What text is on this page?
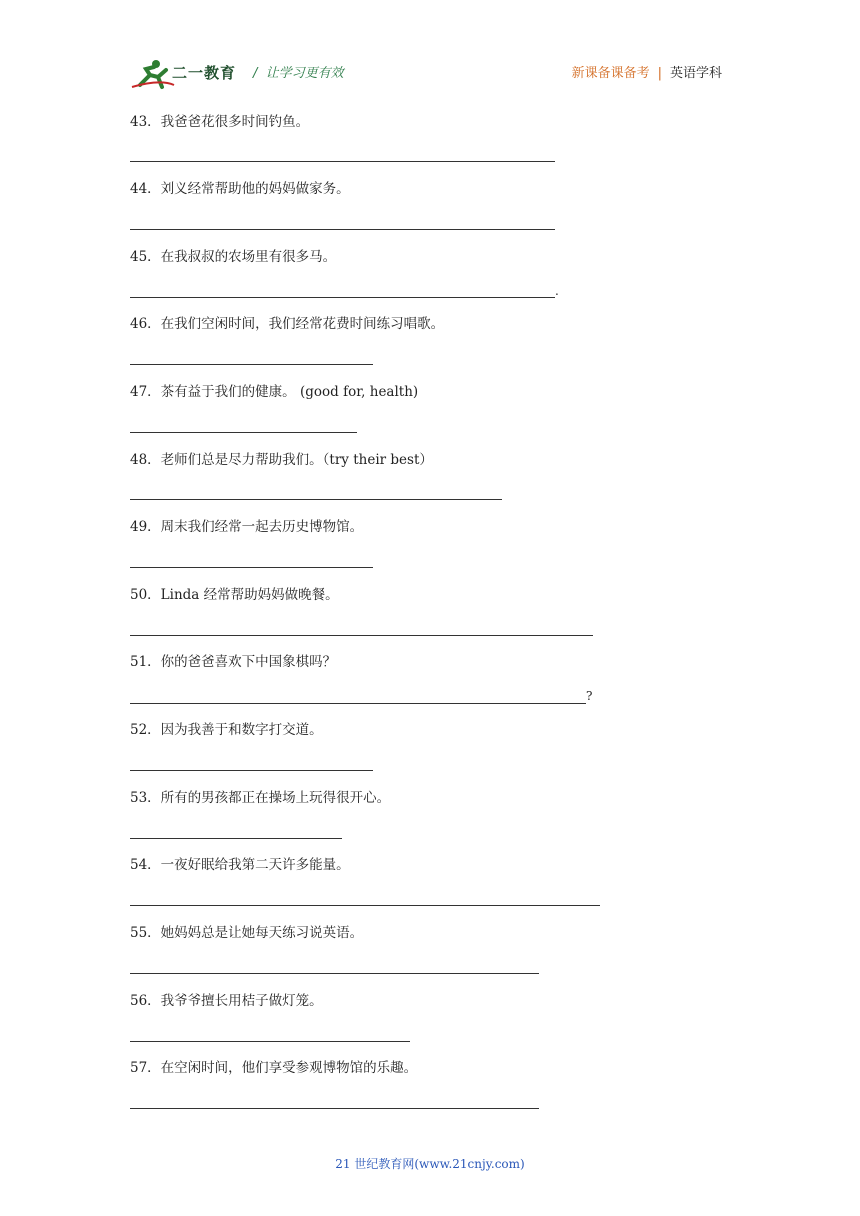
二一教育 /  让学习更有效	新课备课备考 | 英语学科
43．我爸爸花很多时间钓鱼。
44．刘义经常帮助他的妈妈做家务。
45．在我叔叔的农场里有很多马。
.
46．在我们空闲时间，我们经常花费时间练习唱歌。
47．茶有益于我们的健康。 (good for, health)
48．老师们总是尽力帮助我们。（try their best）
49．周末我们经常一起去历史博物馆。
50．Linda 经常帮助妈妈做晚餐。
51．你的爸爸喜欢下中国象棋吗？
?
52．因为我善于和数字打交道。
53．所有的男孩都正在操场上玩得很开心。
54．一夜好眠给我第二天许多能量。
55．她妈妈总是让她每天练习说英语。
56．我爷爷擅长用桔子做灯笼。
57．在空闲时间，他们享受参观博物馆的乐趣。
21 世纪教育网(www.21cnjy.com)
